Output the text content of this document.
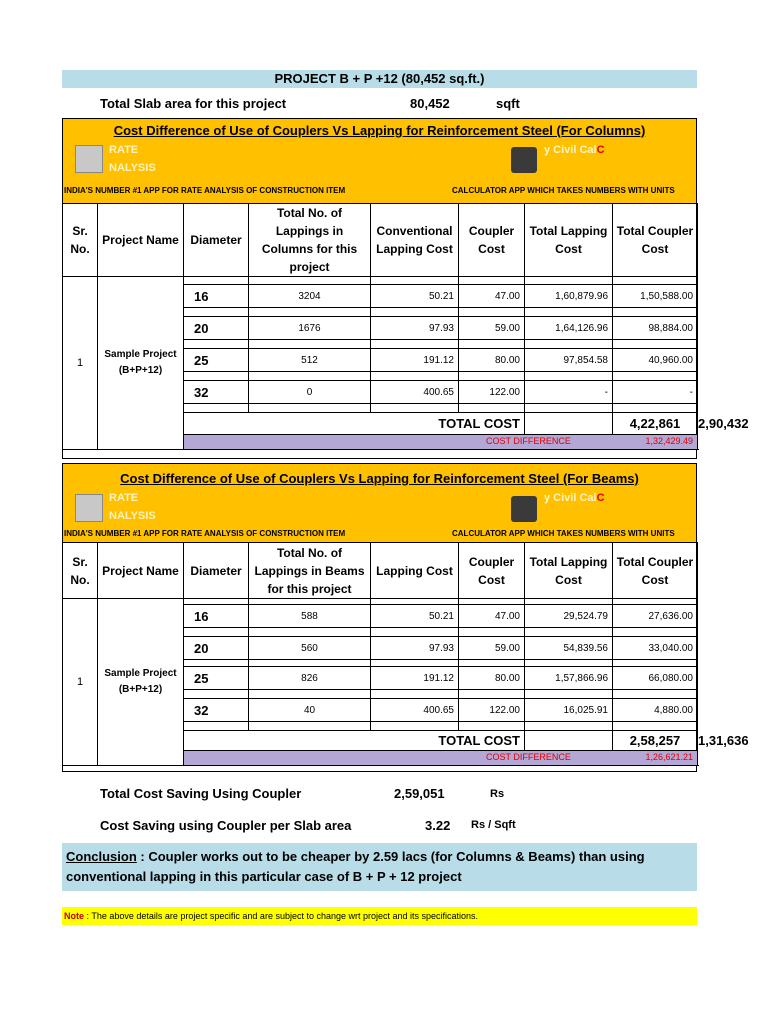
PROJECT B + P +12 (80,452 sq.ft.)
Total Slab area for this project	80,452	sqft
Cost Difference of Use of Couplers Vs Lapping for Reinforcement Steel (For Columns)
RATE
NALYSIS
y Civil CalC
INDIA'S NUMBER #1 APP FOR RATE ANALYSIS OF CONSTRUCTION ITEM	CALCULATOR APP WHICH TAKES NUMBERS WITH UNITS
Sr. No.	Project Name	Diameter	Total No. of Lappings in Columns for this project	Conventional Lapping Cost	Coupler Cost	Total Lapping Cost	Total Coupler Cost	
1	Sample Project (B+P+12)							
		16	3204	50.21	47.00	1,60,879.96	1,50,588.00	

		20	1676	97.93	59.00	1,64,126.96	98,884.00	

		25	512	191.12	80.00	97,854.58	40,960.00	

		32	0	400.65	122.00	-	-	

		TOTAL COST					4,22,861	2,90,432

		COST DIFFERENCE 1,32,429.49						
Cost Difference of Use of Couplers Vs Lapping for Reinforcement Steel (For Beams)
RATE
NALYSIS
y Civil CalC
INDIA'S NUMBER #1 APP FOR RATE ANALYSIS OF CONSTRUCTION ITEM	CALCULATOR APP WHICH TAKES NUMBERS WITH UNITS
Sr. No.	Project Name	Diameter	Total No. of Lappings in Beams for this project	Lapping Cost	Coupler Cost	Total Lapping Cost	Total Coupler Cost	
1	Sample Project (B+P+12)							
		16	588	50.21	47.00	29,524.79	27,636.00	

		20	560	97.93	59.00	54,839.56	33,040.00	

		25	826	191.12	80.00	1,57,866.96	66,080.00	

		32	40	400.65	122.00	16,025.91	4,880.00	

		TOTAL COST					2,58,257	1,31,636

		COST DIFFERENCE 1,26,621.21						
Total Cost Saving Using Coupler	2,59,051	Rs
Cost Saving using Coupler per Slab area	3.22 Rs / Sqft
Conclusion : Coupler works out to be cheaper by 2.59 lacs (for Columns & Beams) than using conventional lapping in this particular case of B + P + 12 project
Note : The above details are project specific and are subject to change wrt project and its specifications.
